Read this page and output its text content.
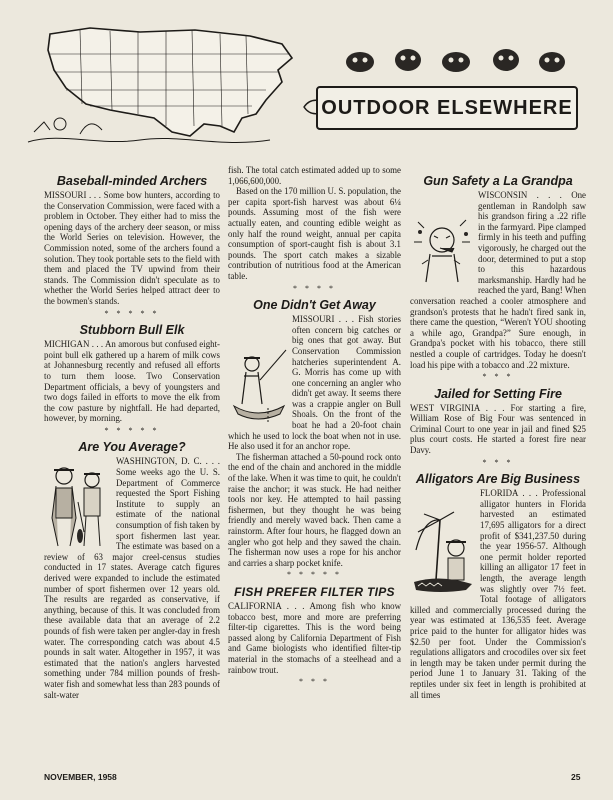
OUTDOOR ELSEWHERE
Baseball-minded Archers

MISSOURI . . . Some bow hunters, according to the Conservation Commission, were faced with a problem in October. They either had to miss the opening days of the archery deer season, or miss the World Series on television. However, the Commission noted, some of the archers found a solution. They took portable sets to the field with them and placed the TV upwind from their stands. The Commission didn't speculate as to whether the World Series helped attract deer to the bowmen's stands.

* * * * *
Stubborn Bull Elk

MICHIGAN . . . An amorous but confused eight-point bull elk gathered up a harem of milk cows at Johannesburg recently and refused all efforts to turn them loose. Two Conservation Department officials, a bevy of youngsters and two dogs failed in efforts to move the elk from the cow pasture by nightfall. He had departed, however, by morning.

* * * * *
Are You Average?

WASHINGTON, D. C. . . . Some weeks ago the U. S. Department of Commerce requested the Sport Fishing Institute to supply an estimate of the national consumption of fish taken by sport fishermen last year. The estimate was based on a review of 63 major creel-census studies conducted in 17 states. Average catch figures derived were expanded to include the estimated number of sport fishermen over 12 years old. The results are regarded as conservative, if anything, because of this. It was concluded from these available data that an average of 2.2 pounds of fish were taken per angler-day in fresh water. The corresponding catch was about 4.5 pounds in salt water. Altogether in 1957, it was estimated that the nation's anglers harvested something under 784 million pounds of fresh-water fish and somewhat less than 283 pounds of salt-water

fish. The total catch estimated added up to some 1,066,600,000.

Based on the 170 million U. S. population, the per capita sport-fish harvest was about 6¼ pounds. Assuming most of the fish were actually eaten, and counting edible weight as only half the round weight, annual per capita consumption of sport-caught fish is about 3.1 pounds. The sport catch makes a sizable contribution of nutritious food at the American table.

* * * *
One Didn't Get Away

MISSOURI . . . Fish stories often concern big catches or big ones that got away. But Conservation Commission hatcheries superintendent A. G. Morris has come up with one concerning an angler who didn't get away. It seems there was a crappie angler on Bull Shoals. On the front of the boat he had a 20-foot chain which he used to lock the boat when not in use. He also used it for an anchor rope.

The fisherman attached a 50-pound rock onto the end of the chain and anchored in the middle of the lake. When it was time to quit, he couldn't raise the anchor; it was stuck. He had neither tools nor key. He attempted to hail passing fishermen, but they thought he was being friendly and merely waved back. Then came a rainstorm. After four hours, he flagged down an angler who got help and they sawed the chain. The fisherman now uses a rope for his anchor and carries a sharp pocket knife.

* * * * *
FISH PREFER FILTER TIPS

CALIFORNIA . . . Among fish who know tobacco best, more and more are preferring filter-tip cigarettes. This is the word being passed along by California Department of Fish and Game biologists who identified filter-tip material in the stomachs of a steelhead and a rainbow trout.

* * *
Gun Safety a La Grandpa

WISCONSIN . . . One gentleman in Randolph saw his grandson firing a .22 rifle in the farmyard. Pipe clamped firmly in his teeth and puffing vigorously, he charged out the door, determined to put a stop to this hazardous marksmanship. Hardly had he reached the yard, Bang! When conversation reached a cooler atmosphere and grandson's protests that he hadn't fired sank in, there came the question, “Weren't YOU shooting a while ago, Grandpa?” Sure enough, in Grandpa's pocket with his tobacco, there still nestled a couple of cartridges. Today he doesn't load his pipe with a tobacco and .22 mixture.

* * *
Jailed for Setting Fire

WEST VIRGINIA . . . For starting a fire, William Rose of Big Four was sentenced in Criminal Court to one year in jail and fined $25 plus court costs. He started a forest fire near Davy.

* * *
Alligators Are Big Business

FLORIDA . . . Professional alligator hunters in Florida harvested an estimated 17,695 alligators for a direct profit of $341,237.50 during the year 1956-57. Although one permit holder reported killing an alligator 17 feet in length, the average length was slightly over 7½ feet. Total footage of alligators killed and commercially processed during the year was estimated at 136,535 feet. Average price paid to the hunter for alligator hides was $2.50 per foot. Under the Commission's regulations alligators and crocodiles over six feet in length may be taken under permit during the period June 1 to January 31. Taking of the reptiles under six feet in length is prohibited at all times

NOVEMBER, 1958	25
